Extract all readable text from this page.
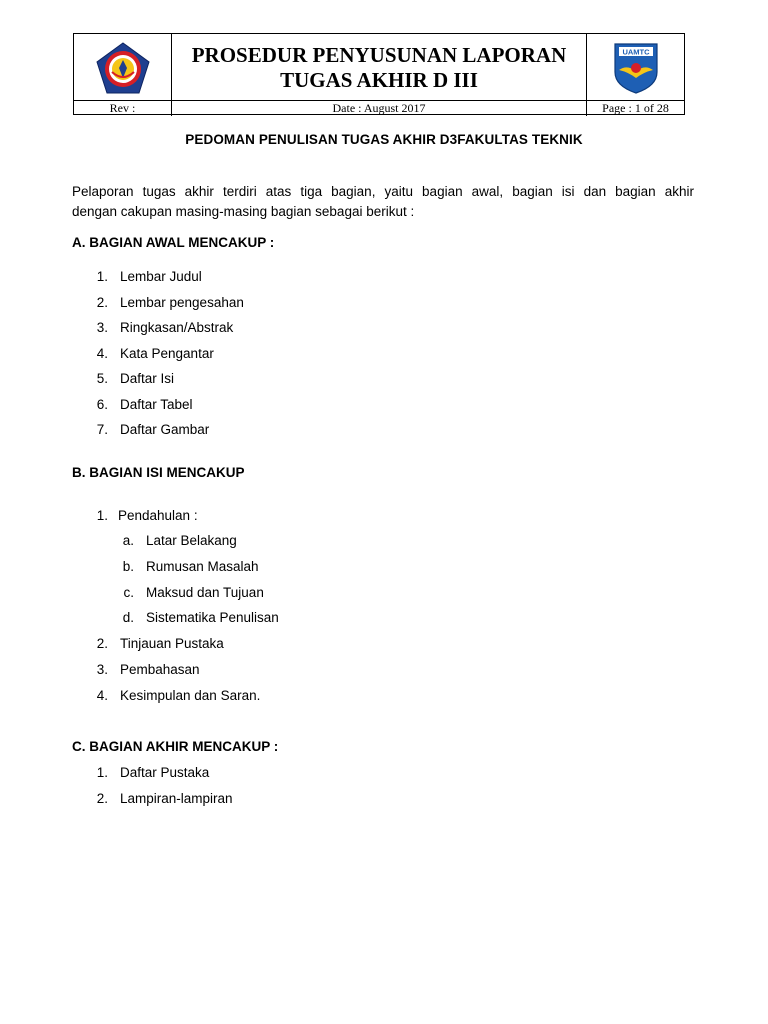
PROSEDUR PENYUSUNAN LAPORAN
TUGAS AKHIR D III
UAMTC
Rev :	Date : August 2017	Page : 1 of 28
PEDOMAN PENULISAN TUGAS AKHIR D3FAKULTAS TEKNIK
Pelaporan tugas akhir terdiri atas tiga bagian, yaitu bagian awal, bagian isi dan bagian akhir
dengan cakupan masing-masing bagian sebagai berikut :
A. BAGIAN AWAL MENCAKUP :
1. Lembar Judul
2. Lembar pengesahan
3. Ringkasan/Abstrak
4. Kata Pengantar
5. Daftar Isi
6. Daftar Tabel
7. Daftar Gambar
B. BAGIAN ISI MENCAKUP
1. Pendahulan :
a. Latar Belakang
b. Rumusan Masalah
c. Maksud dan Tujuan
d. Sistematika Penulisan
2. Tinjauan Pustaka
3. Pembahasan
4. Kesimpulan dan Saran.
C. BAGIAN AKHIR MENCAKUP :
1. Daftar Pustaka
2. Lampiran-lampiran
